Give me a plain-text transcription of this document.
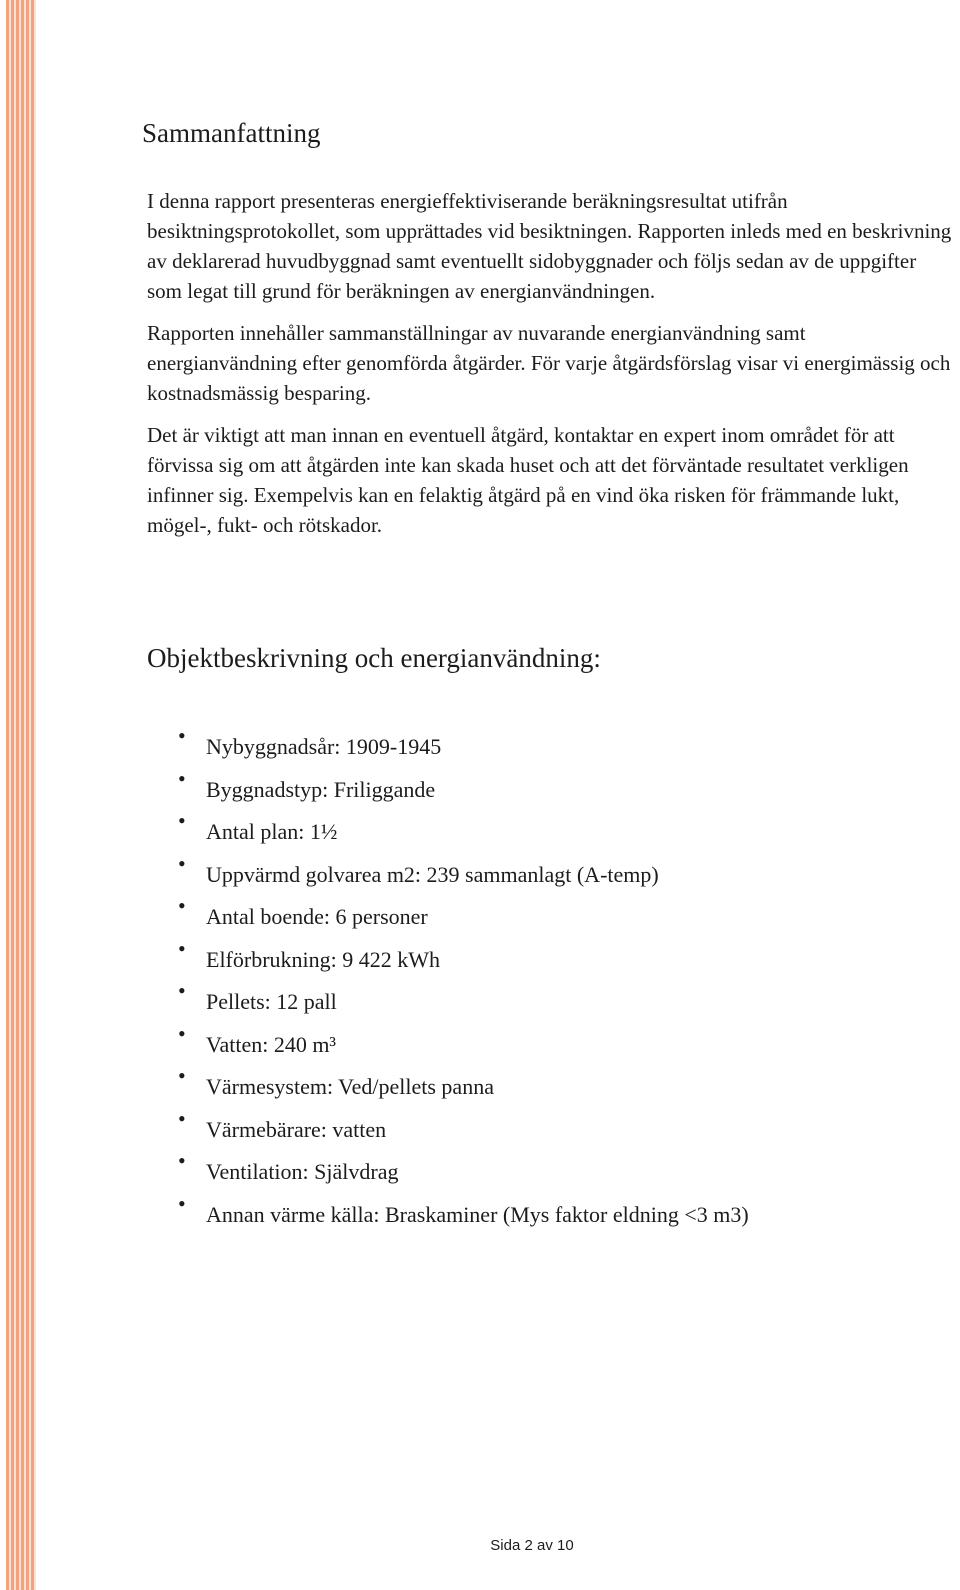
Sammanfattning

I denna rapport presenteras energieffektiviserande beräkningsresultat utifrån besiktningsprotokollet, som upprättades vid besiktningen. Rapporten inleds med en beskrivning av deklarerad huvudbyggnad samt eventuellt sidobyggnader och följs sedan av de uppgifter som legat till grund för beräkningen av energianvändningen.

Rapporten innehåller sammanställningar av nuvarande energianvändning samt energianvändning efter genomförda åtgärder. För varje åtgärdsförslag visar vi energimässig och kostnadsmässig besparing.

Det är viktigt att man innan en eventuell åtgärd, kontaktar en expert inom området för att förvissa sig om att åtgärden inte kan skada huset och att det förväntade resultatet verkligen infinner sig. Exempelvis kan en felaktig åtgärd på en vind öka risken för främmande lukt, mögel-, fukt- och rötskador.

Objektbeskrivning och energianvändning:
• Nybyggnadsår: 1909-1945
• Byggnadstyp: Friliggande
• Antal plan: 1½
• Uppvärmd golvarea m2: 239 sammanlagt (A-temp)
• Antal boende: 6 personer
• Elförbrukning: 9 422 kWh
• Pellets: 12 pall
• Vatten: 240 m³
• Värmesystem: Ved/pellets panna
• Värmebärare: vatten
• Ventilation: Självdrag
• Annan värme källa: Braskaminer (Mys faktor eldning <3 m3)
Sida 2 av 10
